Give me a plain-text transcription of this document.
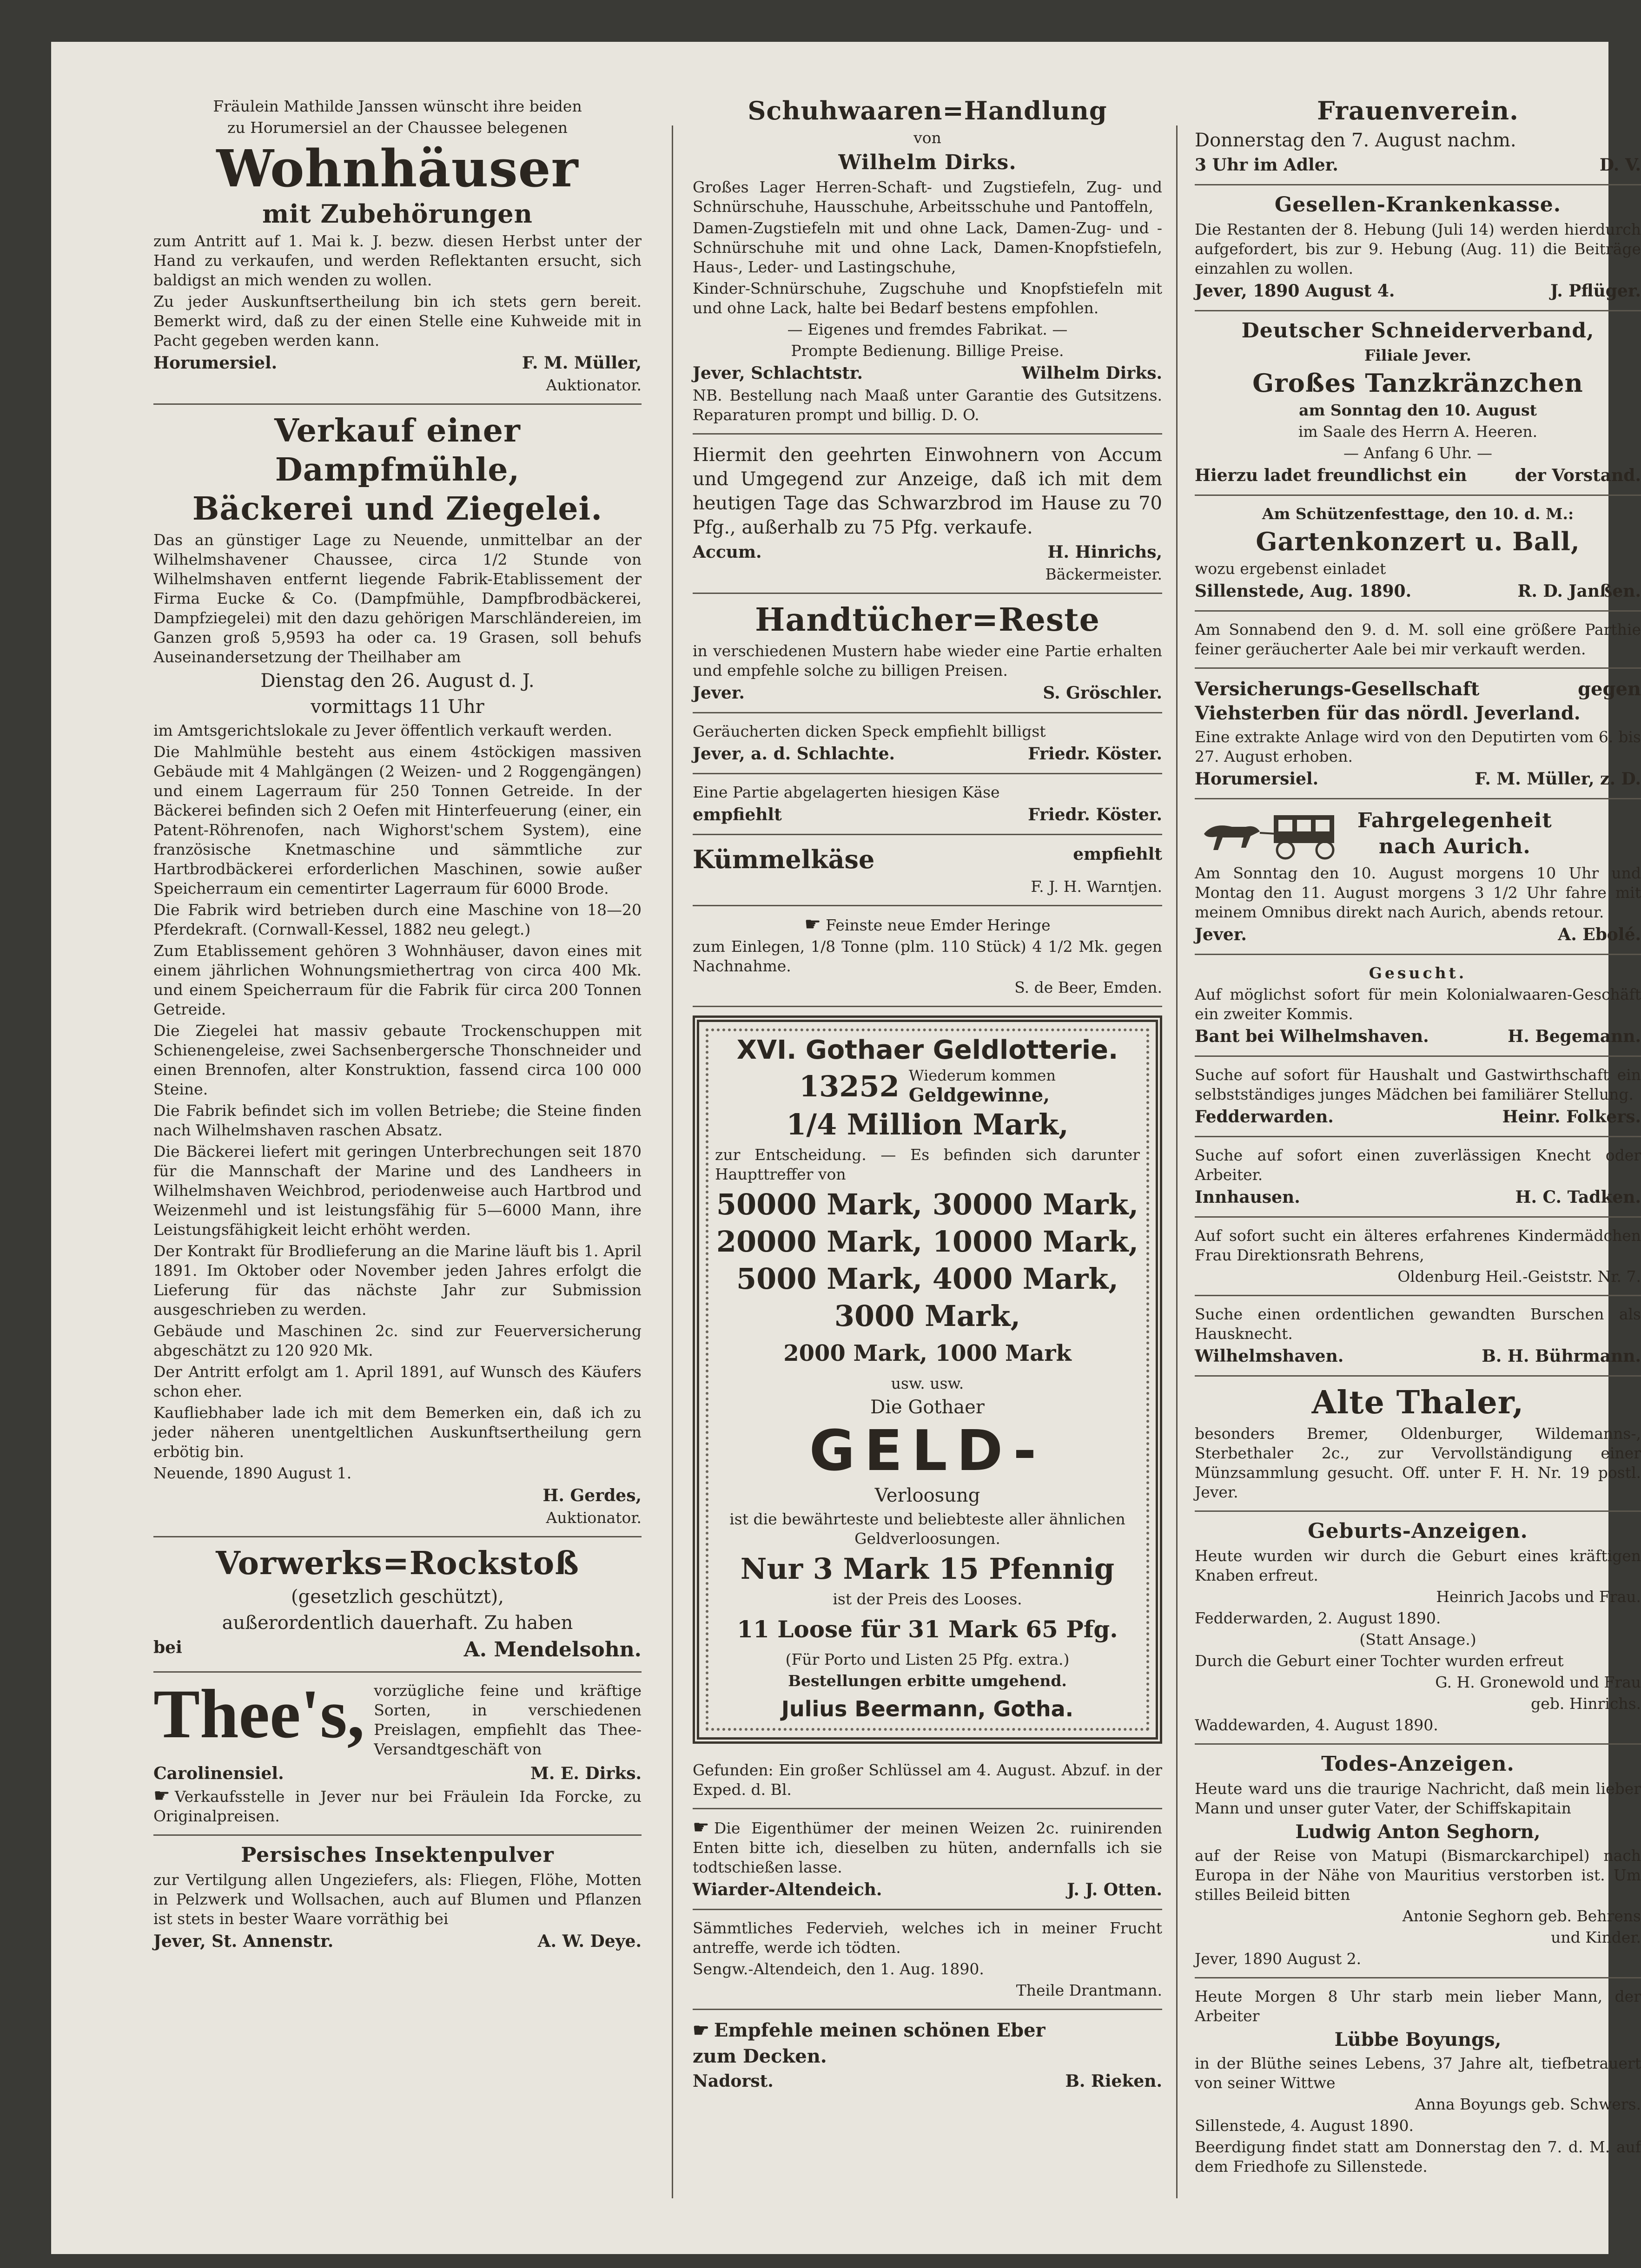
Fräulein Mathilde Janssen wünscht ihre beiden

zu Horumersiel an der Chaussee belegenen

Wohnhäuser
mit Zubehörungen

zum Antritt auf 1. Mai k. J. bezw. diesen Herbst unter der Hand zu verkaufen, und werden Reflektanten ersucht, sich baldigst an mich wenden zu wollen.

Zu jeder Auskunftsertheilung bin ich stets gern bereit. Bemerkt wird, daß zu der einen Stelle eine Kuhweide mit in Pacht gegeben werden kann.

Horumersiel.	F. M. Müller,

Auktionator.

Verkauf einer Dampfmühle,
Bäckerei und Ziegelei.

Das an günstiger Lage zu Neuende, unmittelbar an der Wilhelmshavener Chaussee, circa 1/2 Stunde von Wilhelmshaven entfernt liegende Fabrik-Etablissement der Firma Eucke & Co. (Dampfmühle, Dampfbrodbäckerei, Dampfziegelei) mit den dazu gehörigen Marschländereien, im Ganzen groß 5,9593 ha oder ca. 19 Grasen, soll behufs Auseinandersetzung der Theilhaber am

Dienstag den 26. August d. J.

vormittags 11 Uhr

im Amtsgerichtslokale zu Jever öffentlich verkauft werden.

Die Mahlmühle besteht aus einem 4stöckigen massiven Gebäude mit 4 Mahlgängen (2 Weizen- und 2 Roggengängen) und einem Lagerraum für 250 Tonnen Getreide. In der Bäckerei befinden sich 2 Oefen mit Hinterfeuerung (einer, ein Patent-Röhrenofen, nach Wighorst'schem System), eine französische Knetmaschine und sämmtliche zur Hartbrodbäckerei erforderlichen Maschinen, sowie außer Speicherraum ein cementirter Lagerraum für 6000 Brode.

Die Fabrik wird betrieben durch eine Maschine von 18—20 Pferdekraft. (Cornwall-Kessel, 1882 neu gelegt.)

Zum Etablissement gehören 3 Wohnhäuser, davon eines mit einem jährlichen Wohnungsmiethertrag von circa 400 Mk. und einem Speicherraum für die Fabrik für circa 200 Tonnen Getreide.

Die Ziegelei hat massiv gebaute Trockenschuppen mit Schienengeleise, zwei Sachsenbergersche Thonschneider und einen Brennofen, alter Konstruktion, fassend circa 100 000 Steine.

Die Fabrik befindet sich im vollen Betriebe; die Steine finden nach Wilhelmshaven raschen Absatz.

Die Bäckerei liefert mit geringen Unterbrechungen seit 1870 für die Mannschaft der Marine und des Landheers in Wilhelmshaven Weichbrod, periodenweise auch Hartbrod und Weizenmehl und ist leistungsfähig für 5—6000 Mann, ihre Leistungsfähigkeit leicht erhöht werden.

Der Kontrakt für Brodlieferung an die Marine läuft bis 1. April 1891. Im Oktober oder November jeden Jahres erfolgt die Lieferung für das nächste Jahr zur Submission ausgeschrieben zu werden.

Gebäude und Maschinen 2c. sind zur Feuerversicherung abgeschätzt zu 120 920 Mk.

Der Antritt erfolgt am 1. April 1891, auf Wunsch des Käufers schon eher.

Kaufliebhaber lade ich mit dem Bemerken ein, daß ich zu jeder näheren unentgeltlichen Auskunftsertheilung gern erbötig bin.

Neuende, 1890 August 1.

H. Gerdes,

Auktionator.

Vorwerks=Rockstoß

(gesetzlich geschützt),

außerordentlich dauerhaft. Zu haben

bei	A. Mendelsohn.
Thee's, vorzügliche feine und kräftige Sorten, in verschiedenen Preislagen, empfiehlt das Thee-Versandtgeschäft von

Carolinensiel.	M. E. Dirks.

☛ Verkaufsstelle in Jever nur bei Fräulein Ida Forcke, zu Originalpreisen.

Persisches Insektenpulver

zur Vertilgung allen Ungeziefers, als: Fliegen, Flöhe, Motten in Pelzwerk und Wollsachen, auch auf Blumen und Pflanzen ist stets in bester Waare vorräthig bei

Jever, St. Annenstr.	A. W. Deye.
Schuhwaaren=Handlung

von

Wilhelm Dirks.

Großes Lager Herren-Schaft- und Zugstiefeln, Zug- und Schnürschuhe, Hausschuhe, Arbeitsschuhe und Pantoffeln,

Damen-Zugstiefeln mit und ohne Lack, Damen-Zug- und -Schnürschuhe mit und ohne Lack, Damen-Knopfstiefeln, Haus-, Leder- und Lastingschuhe,

Kinder-Schnürschuhe, Zugschuhe und Knopfstiefeln mit und ohne Lack, halte bei Bedarf bestens empfohlen.

— Eigenes und fremdes Fabrikat. —

Prompte Bedienung. Billige Preise.

Jever, Schlachtstr.	Wilhelm Dirks.

NB. Bestellung nach Maaß unter Garantie des Gutsitzens. Reparaturen prompt und billig. D. O.

Hiermit den geehrten Einwohnern von Accum und Umgegend zur Anzeige, daß ich mit dem heutigen Tage das Schwarzbrod im Hause zu 70 Pfg., außerhalb zu 75 Pfg. verkaufe.

Accum.	H. Hinrichs,

Bäckermeister.

Handtücher=Reste

in verschiedenen Mustern habe wieder eine Partie erhalten und empfehle solche zu billigen Preisen.

Jever.	S. Gröschler.

Geräucherten dicken Speck empfiehlt billigst

Jever, a. d. Schlachte.	Friedr. Köster.

Eine Partie abgelagerten hiesigen Käse

empfiehlt	Friedr. Köster.
Kümmelkäse	empfiehlt

F. J. H. Warntjen.

☛ Feinste neue Emder Heringe

zum Einlegen, 1/8 Tonne (plm. 110 Stück) 4 1/2 Mk. gegen Nachnahme.

S. de Beer, Emden.

XVI. Gothaer Geldlotterie.
13252 Wiederum kommen
Geldgewinne,
1/4 Million Mark,

zur Entscheidung. — Es befinden sich darunter Haupttreffer von

50000 Mark, 30000 Mark,
20000 Mark, 10000 Mark,
5000 Mark, 4000 Mark,
3000 Mark,
2000 Mark, 1000 Mark

usw. usw.

Die Gothaer

GELD-

Verloosung

ist die bewährteste und beliebteste aller ähnlichen Geldverloosungen.

Nur 3 Mark 15 Pfennig

ist der Preis des Looses.

11 Loose für 31 Mark 65 Pfg.

(Für Porto und Listen 25 Pfg. extra.)

Bestellungen erbitte umgehend.

Julius Beermann, Gotha.

Gefunden: Ein großer Schlüssel am 4. August. Abzuf. in der Exped. d. Bl.

☛ Die Eigenthümer der meinen Weizen 2c. ruinirenden Enten bitte ich, dieselben zu hüten, andernfalls ich sie todtschießen lasse.

Wiarder-Altendeich.	J. J. Otten.

Sämmtliches Federvieh, welches ich in meiner Frucht antreffe, werde ich tödten.

Sengw.-Altendeich, den 1. Aug. 1890.

Theile Drantmann.

☛ Empfehle meinen schönen Eber

zum Decken.

Nadorst.	B. Rieken.
Frauenverein.

Donnerstag den 7. August nachm.

3 Uhr im Adler.	D. V.
Gesellen-Krankenkasse.

Die Restanten der 8. Hebung (Juli 14) werden hierdurch aufgefordert, bis zur 9. Hebung (Aug. 11) die Beiträge einzahlen zu wollen.

Jever, 1890 August 4.	J. Pflüger.
Deutscher Schneiderverband,

Filiale Jever.

Großes Tanzkränzchen

am Sonntag den 10. August

im Saale des Herrn A. Heeren.

— Anfang 6 Uhr. —

Hierzu ladet freundlichst ein	der Vorstand.

Am Schützenfesttage, den 10. d. M.:

Gartenkonzert u. Ball,

wozu ergebenst einladet

Sillenstede, Aug. 1890.	R. D. Janßen.

Am Sonnabend den 9. d. M. soll eine größere Parthie feiner geräucherter Aale bei mir verkauft werden.

Versicherungs-Gesellschaft gegen Viehsterben für das nördl. Jeverland.

Eine extrakte Anlage wird von den Deputirten vom 6. bis 27. August erhoben.

Horumersiel.	F. M. Müller, z. D.
Fahrgelegenheit
nach Aurich.

Am Sonntag den 10. August morgens 10 Uhr und Montag den 11. August morgens 3 1/2 Uhr fahre mit meinem Omnibus direkt nach Aurich, abends retour.

Jever.	A. Ebolé.

Gesucht.

Auf möglichst sofort für mein Kolonialwaaren-Geschäft ein zweiter Kommis.

Bant bei Wilhelmshaven.	H. Begemann.

Suche auf sofort für Haushalt und Gastwirthschaft ein selbstständiges junges Mädchen bei familiärer Stellung.

Fedderwarden.	Heinr. Folkers.

Suche auf sofort einen zuverlässigen Knecht oder Arbeiter.

Innhausen.	H. C. Tadken.

Auf sofort sucht ein älteres erfahrenes Kindermädchen Frau Direktionsrath Behrens,

Oldenburg Heil.-Geiststr. Nr. 7.

Suche einen ordentlichen gewandten Burschen als Hausknecht.

Wilhelmshaven.	B. H. Bührmann.
Alte Thaler,

besonders Bremer, Oldenburger, Wildemanns-, Sterbethaler 2c., zur Vervollständigung einer Münzsammlung gesucht. Off. unter F. H. Nr. 19 postl. Jever.

Geburts-Anzeigen.

Heute wurden wir durch die Geburt eines kräftigen Knaben erfreut.

Heinrich Jacobs und Frau.

Fedderwarden, 2. August 1890.

(Statt Ansage.)

Durch die Geburt einer Tochter wurden erfreut

G. H. Gronewold und Frau

geb. Hinrichs.

Waddewarden, 4. August 1890.

Todes-Anzeigen.

Heute ward uns die traurige Nachricht, daß mein lieber Mann und unser guter Vater, der Schiffskapitain

Ludwig Anton Seghorn,

auf der Reise von Matupi (Bismarckarchipel) nach Europa in der Nähe von Mauritius verstorben ist. Um stilles Beileid bitten

Antonie Seghorn geb. Behrens

und Kinder.

Jever, 1890 August 2.

Heute Morgen 8 Uhr starb mein lieber Mann, der Arbeiter

Lübbe Boyungs,

in der Blüthe seines Lebens, 37 Jahre alt, tiefbetrauert von seiner Wittwe

Anna Boyungs geb. Schwers.

Sillenstede, 4. August 1890.

Beerdigung findet statt am Donnerstag den 7. d. M. auf dem Friedhofe zu Sillenstede.
